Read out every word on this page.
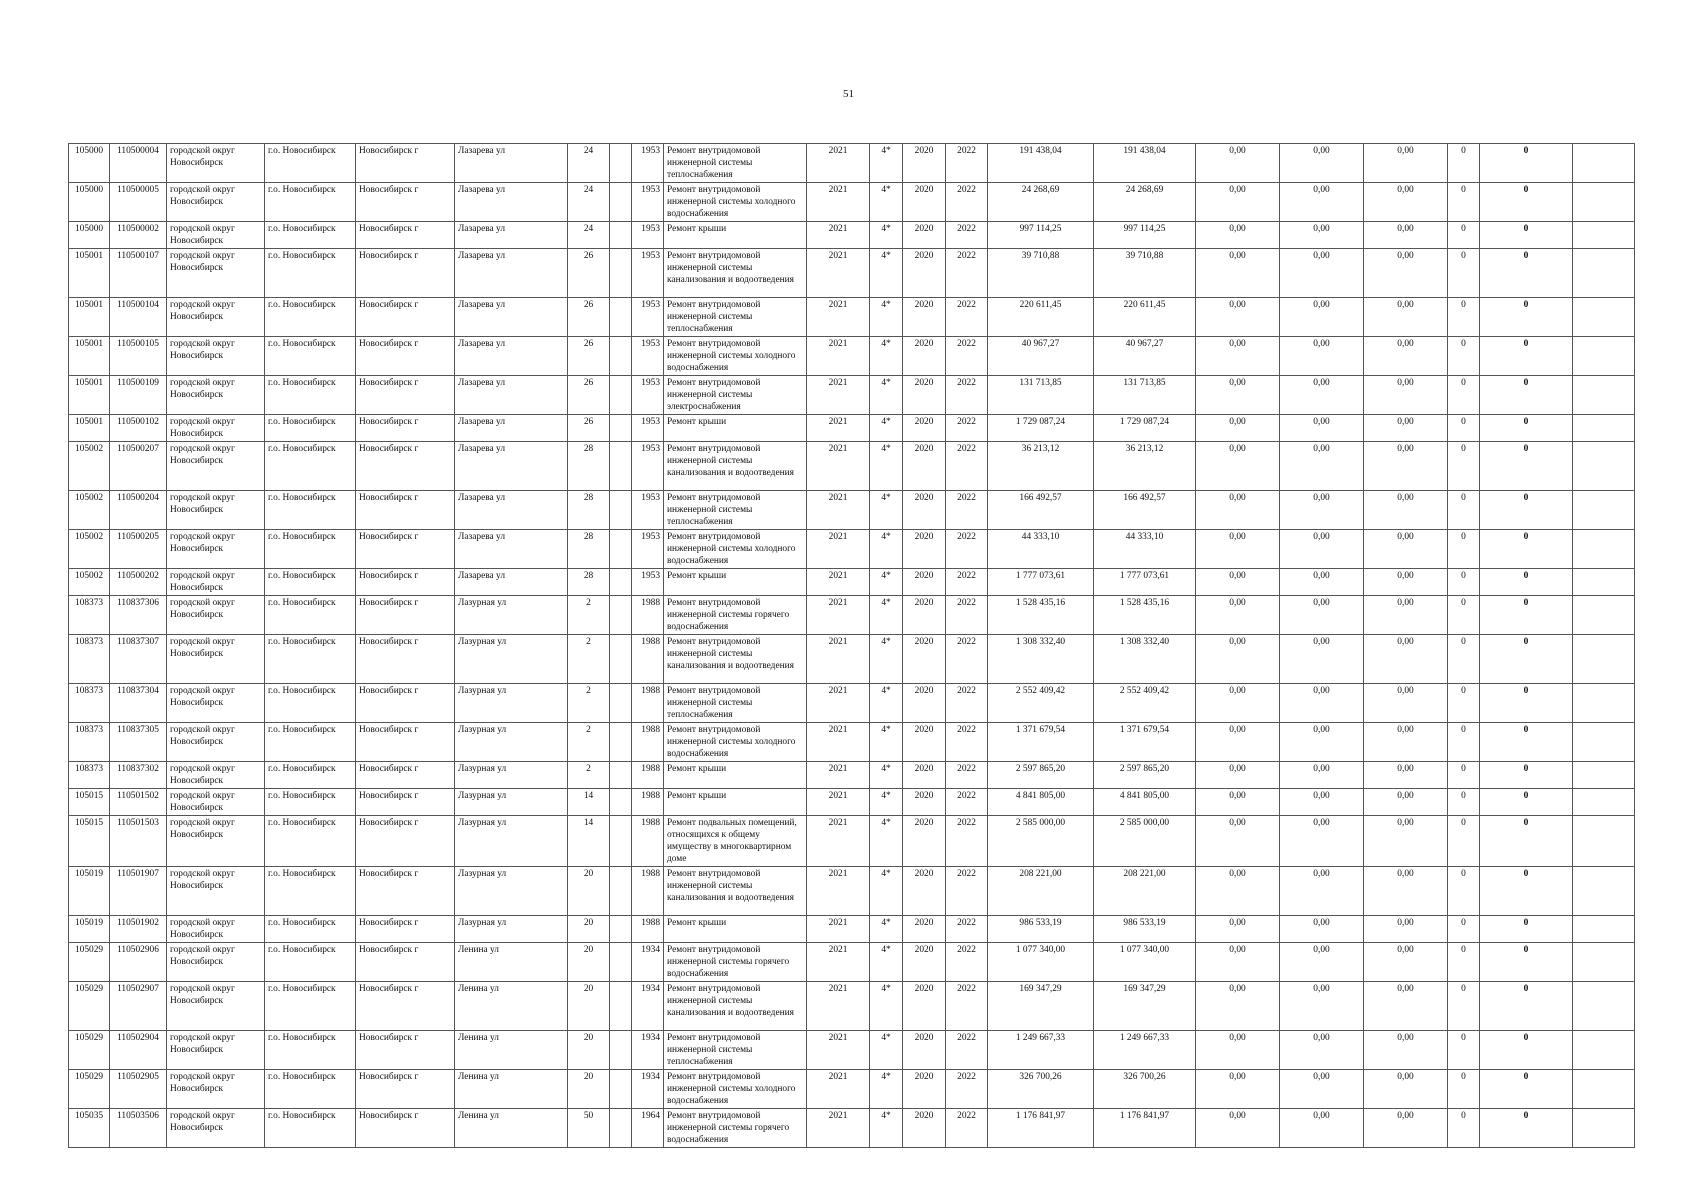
51
105000	110500004	городской округ Новосибирск	г.о. Новосибирск	Новосибирск г	Лазарева ул	24		1953	Ремонт внутридомовой инженерной системы теплоснабжения	2021	4*	2020	2022	191 438,04	191 438,04	0,00	0,00	0,00	0	0	
105000	110500005	городской округ Новосибирск	г.о. Новосибирск	Новосибирск г	Лазарева ул	24		1953	Ремонт внутридомовой инженерной системы холодного водоснабжения	2021	4*	2020	2022	24 268,69	24 268,69	0,00	0,00	0,00	0	0	
105000	110500002	городской округ Новосибирск	г.о. Новосибирск	Новосибирск г	Лазарева ул	24		1953	Ремонт крыши	2021	4*	2020	2022	997 114,25	997 114,25	0,00	0,00	0,00	0	0	
105001	110500107	городской округ Новосибирск	г.о. Новосибирск	Новосибирск г	Лазарева ул	26		1953	Ремонт внутридомовой инженерной системы канализования и водоотведения	2021	4*	2020	2022	39 710,88	39 710,88	0,00	0,00	0,00	0	0	
105001	110500104	городской округ Новосибирск	г.о. Новосибирск	Новосибирск г	Лазарева ул	26		1953	Ремонт внутридомовой инженерной системы теплоснабжения	2021	4*	2020	2022	220 611,45	220 611,45	0,00	0,00	0,00	0	0	
105001	110500105	городской округ Новосибирск	г.о. Новосибирск	Новосибирск г	Лазарева ул	26		1953	Ремонт внутридомовой инженерной системы холодного водоснабжения	2021	4*	2020	2022	40 967,27	40 967,27	0,00	0,00	0,00	0	0	
105001	110500109	городской округ Новосибирск	г.о. Новосибирск	Новосибирск г	Лазарева ул	26		1953	Ремонт внутридомовой инженерной системы электроснабжения	2021	4*	2020	2022	131 713,85	131 713,85	0,00	0,00	0,00	0	0	
105001	110500102	городской округ Новосибирск	г.о. Новосибирск	Новосибирск г	Лазарева ул	26		1953	Ремонт крыши	2021	4*	2020	2022	1 729 087,24	1 729 087,24	0,00	0,00	0,00	0	0	
105002	110500207	городской округ Новосибирск	г.о. Новосибирск	Новосибирск г	Лазарева ул	28		1953	Ремонт внутридомовой инженерной системы канализования и водоотведения	2021	4*	2020	2022	36 213,12	36 213,12	0,00	0,00	0,00	0	0	
105002	110500204	городской округ Новосибирск	г.о. Новосибирск	Новосибирск г	Лазарева ул	28		1953	Ремонт внутридомовой инженерной системы теплоснабжения	2021	4*	2020	2022	166 492,57	166 492,57	0,00	0,00	0,00	0	0	
105002	110500205	городской округ Новосибирск	г.о. Новосибирск	Новосибирск г	Лазарева ул	28		1953	Ремонт внутридомовой инженерной системы холодного водоснабжения	2021	4*	2020	2022	44 333,10	44 333,10	0,00	0,00	0,00	0	0	
105002	110500202	городской округ Новосибирск	г.о. Новосибирск	Новосибирск г	Лазарева ул	28		1953	Ремонт крыши	2021	4*	2020	2022	1 777 073,61	1 777 073,61	0,00	0,00	0,00	0	0	
108373	110837306	городской округ Новосибирск	г.о. Новосибирск	Новосибирск г	Лазурная ул	2		1988	Ремонт внутридомовой инженерной системы горячего водоснабжения	2021	4*	2020	2022	1 528 435,16	1 528 435,16	0,00	0,00	0,00	0	0	
108373	110837307	городской округ Новосибирск	г.о. Новосибирск	Новосибирск г	Лазурная ул	2		1988	Ремонт внутридомовой инженерной системы канализования и водоотведения	2021	4*	2020	2022	1 308 332,40	1 308 332,40	0,00	0,00	0,00	0	0	
108373	110837304	городской округ Новосибирск	г.о. Новосибирск	Новосибирск г	Лазурная ул	2		1988	Ремонт внутридомовой инженерной системы теплоснабжения	2021	4*	2020	2022	2 552 409,42	2 552 409,42	0,00	0,00	0,00	0	0	
108373	110837305	городской округ Новосибирск	г.о. Новосибирск	Новосибирск г	Лазурная ул	2		1988	Ремонт внутридомовой инженерной системы холодного водоснабжения	2021	4*	2020	2022	1 371 679,54	1 371 679,54	0,00	0,00	0,00	0	0	
108373	110837302	городской округ Новосибирск	г.о. Новосибирск	Новосибирск г	Лазурная ул	2		1988	Ремонт крыши	2021	4*	2020	2022	2 597 865,20	2 597 865,20	0,00	0,00	0,00	0	0	
105015	110501502	городской округ Новосибирск	г.о. Новосибирск	Новосибирск г	Лазурная ул	14		1988	Ремонт крыши	2021	4*	2020	2022	4 841 805,00	4 841 805,00	0,00	0,00	0,00	0	0	
105015	110501503	городской округ Новосибирск	г.о. Новосибирск	Новосибирск г	Лазурная ул	14		1988	Ремонт подвальных помещений, относящихся к общему имуществу в многоквартирном доме	2021	4*	2020	2022	2 585 000,00	2 585 000,00	0,00	0,00	0,00	0	0	
105019	110501907	городской округ Новосибирск	г.о. Новосибирск	Новосибирск г	Лазурная ул	20		1988	Ремонт внутридомовой инженерной системы канализования и водоотведения	2021	4*	2020	2022	208 221,00	208 221,00	0,00	0,00	0,00	0	0	
105019	110501902	городской округ Новосибирск	г.о. Новосибирск	Новосибирск г	Лазурная ул	20		1988	Ремонт крыши	2021	4*	2020	2022	986 533,19	986 533,19	0,00	0,00	0,00	0	0	
105029	110502906	городской округ Новосибирск	г.о. Новосибирск	Новосибирск г	Ленина ул	20		1934	Ремонт внутридомовой инженерной системы горячего водоснабжения	2021	4*	2020	2022	1 077 340,00	1 077 340,00	0,00	0,00	0,00	0	0	
105029	110502907	городской округ Новосибирск	г.о. Новосибирск	Новосибирск г	Ленина ул	20		1934	Ремонт внутридомовой инженерной системы канализования и водоотведения	2021	4*	2020	2022	169 347,29	169 347,29	0,00	0,00	0,00	0	0	
105029	110502904	городской округ Новосибирск	г.о. Новосибирск	Новосибирск г	Ленина ул	20		1934	Ремонт внутридомовой инженерной системы теплоснабжения	2021	4*	2020	2022	1 249 667,33	1 249 667,33	0,00	0,00	0,00	0	0	
105029	110502905	городской округ Новосибирск	г.о. Новосибирск	Новосибирск г	Ленина ул	20		1934	Ремонт внутридомовой инженерной системы холодного водоснабжения	2021	4*	2020	2022	326 700,26	326 700,26	0,00	0,00	0,00	0	0	
105035	110503506	городской округ Новосибирск	г.о. Новосибирск	Новосибирск г	Ленина ул	50		1964	Ремонт внутридомовой инженерной системы горячего водоснабжения	2021	4*	2020	2022	1 176 841,97	1 176 841,97	0,00	0,00	0,00	0	0	
